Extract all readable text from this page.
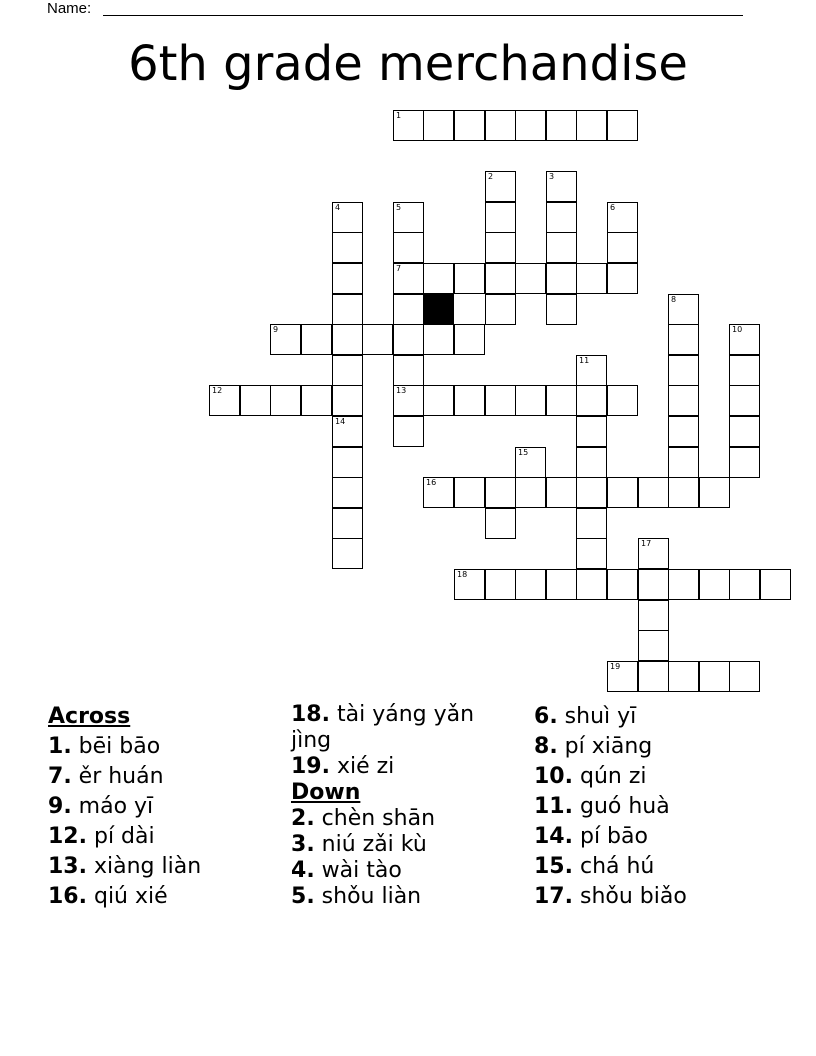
Name:
6th grade merchandise
1
2	3
4	5	6
7
8
9	10
11
12	13
14
15
16
17
18
19
Across
1 . bēi bāo
7 . ěr huán
9 . máo yī
12 . pí dài
13 . xiàng liàn
16 . qiú xié
18 . tài yáng yǎn jìng
19 . xié zi
Down
2 . chèn shān
3 . niú zǎi kù
4 . wài tào
5 . shǒu liàn
6 . shuì yī
8 . pí xiāng
10 . qún zi
11 . guó huà
14 . pí bāo
15 . chá hú
17 . shǒu biǎo
